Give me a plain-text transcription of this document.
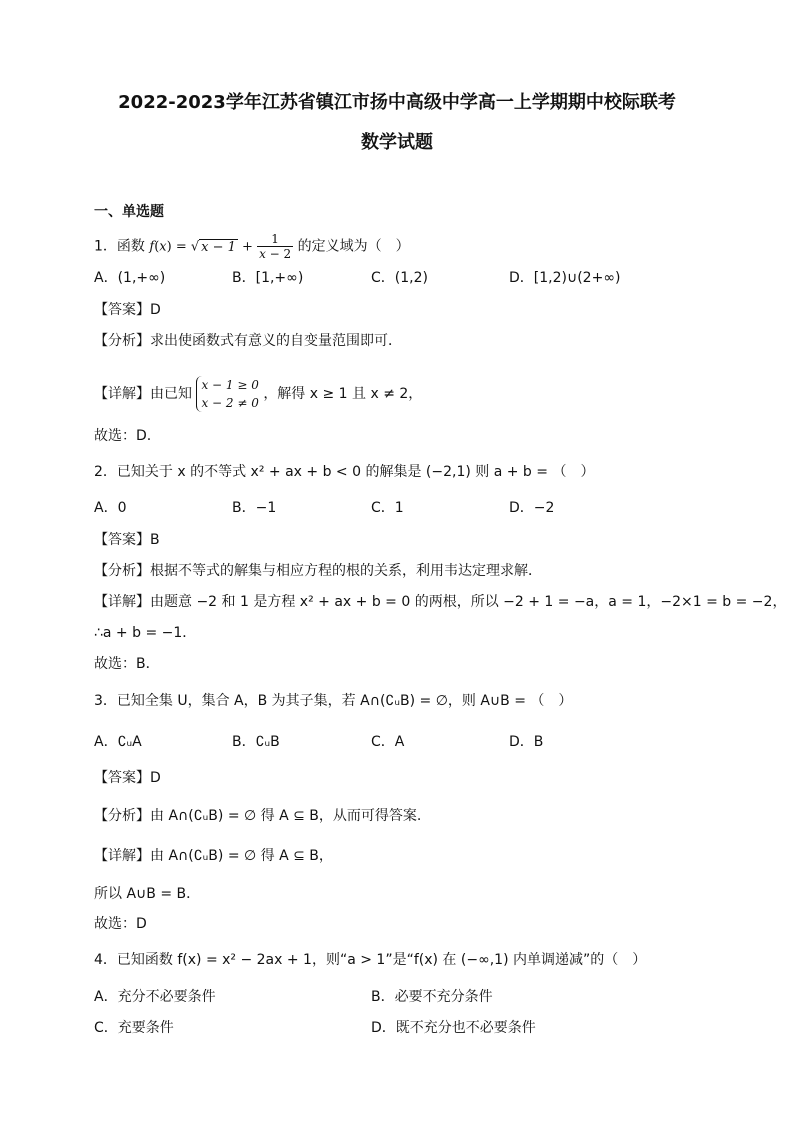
2022-2023学年江苏省镇江市扬中高级中学高一上学期期中校际联考
数学试题
一、单选题
1．函数 f(x) = √ $x - 1 + \frac{1}{x - 2}$ 的定义域为（　）
A．(1,+∞)	B．[1,+∞)	C．(1,2)	D．[1,2)∪(2+∞)
【答案】D
【分析】求出使函数式有意义的自变量范围即可．
【详解】由已知
x − 1 ≥ 0
x − 2 ≠ 0
，解得 x ≥ 1 且 x ≠ 2，
故选：D.
2．已知关于 x 的不等式 x² + ax + b < 0 的解集是 (−2,1) 则 a + b = （　）
A．0	B．−1	C．1	D．−2
【答案】B
【分析】根据不等式的解集与相应方程的根的关系，利用韦达定理求解．
【详解】由题意 −2 和 1 是方程 x² + ax + b = 0 的两根，所以 −2 + 1 = −a，a = 1，−2×1 = b = −2，
∴a + b = −1．
故选：B．
3．已知全集 U，集合 A，B 为其子集，若 A∩(∁ᵤB) = ∅，则 A∪B = （　）
A．∁ᵤA	B．∁ᵤB	C．A	D．B
【答案】D
【分析】由 A∩(∁ᵤB) = ∅ 得 A ⊆ B，从而可得答案.
【详解】由 A∩(∁ᵤB) = ∅ 得 A ⊆ B，
所以 A∪B = B．
故选：D
4．已知函数 f(x) = x² − 2ax + 1，则“a > 1”是“f(x) 在 (−∞,1) 内单调递减”的（　）
A．充分不必要条件	B．必要不充分条件
C．充要条件	D．既不充分也不必要条件
